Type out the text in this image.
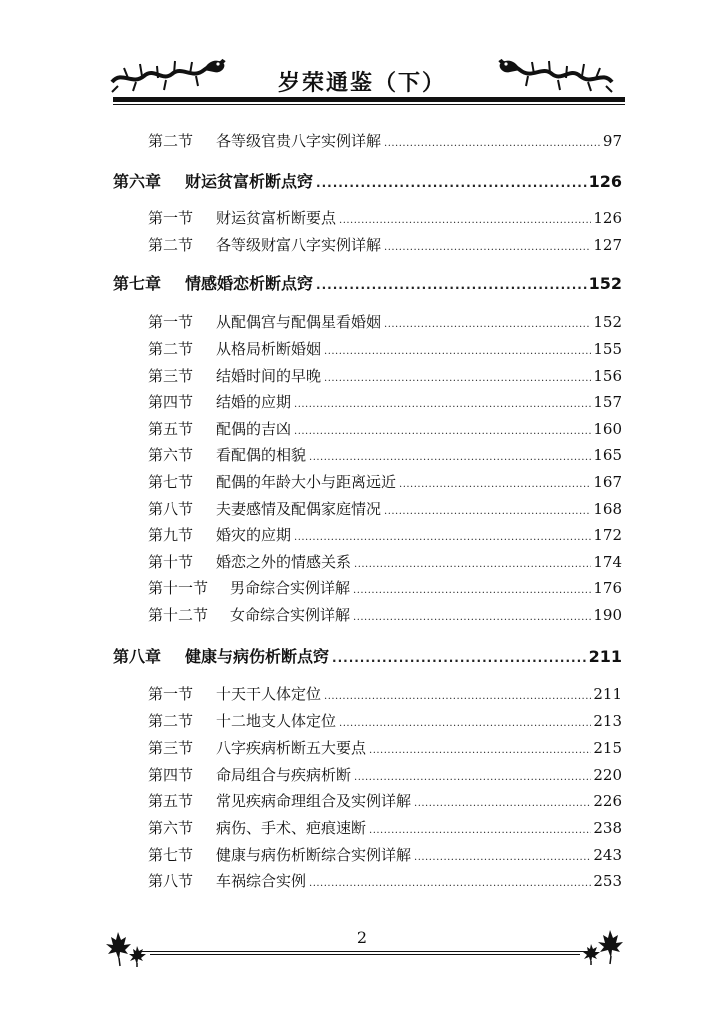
岁荣通鉴（下）
第二节	各等级官贵八字实例详解 .....	97
第六章	财运贫富析断点窍 .....	126
第一节	财运贫富析断要点 .....	126
第二节	各等级财富八字实例详解 .....	127
第七章	情感婚恋析断点窍 .....	152
第一节	从配偶宫与配偶星看婚姻 .....	152
第二节	从格局析断婚姻 .....	155
第三节	结婚时间的早晚 .....	156
第四节	结婚的应期 .....	157
第五节	配偶的吉凶 .....	160
第六节	看配偶的相貌 .....	165
第七节	配偶的年龄大小与距离远近 .....	167
第八节	夫妻感情及配偶家庭情况 .....	168
第九节	婚灾的应期 .....	172
第十节	婚恋之外的情感关系 .....	174
第十一节	男命综合实例详解 .....	176
第十二节	女命综合实例详解 .....	190
第八章	健康与病伤析断点窍 .....	211
第一节	十天干人体定位 .....	211
第二节	十二地支人体定位 .....	213
第三节	八字疾病析断五大要点 .....	215
第四节	命局组合与疾病析断 .....	220
第五节	常见疾病命理组合及实例详解 .....	226
第六节	病伤、手术、疤痕速断 .....	238
第七节	健康与病伤析断综合实例详解 .....	243
第八节	车祸综合实例 .....	253
2
